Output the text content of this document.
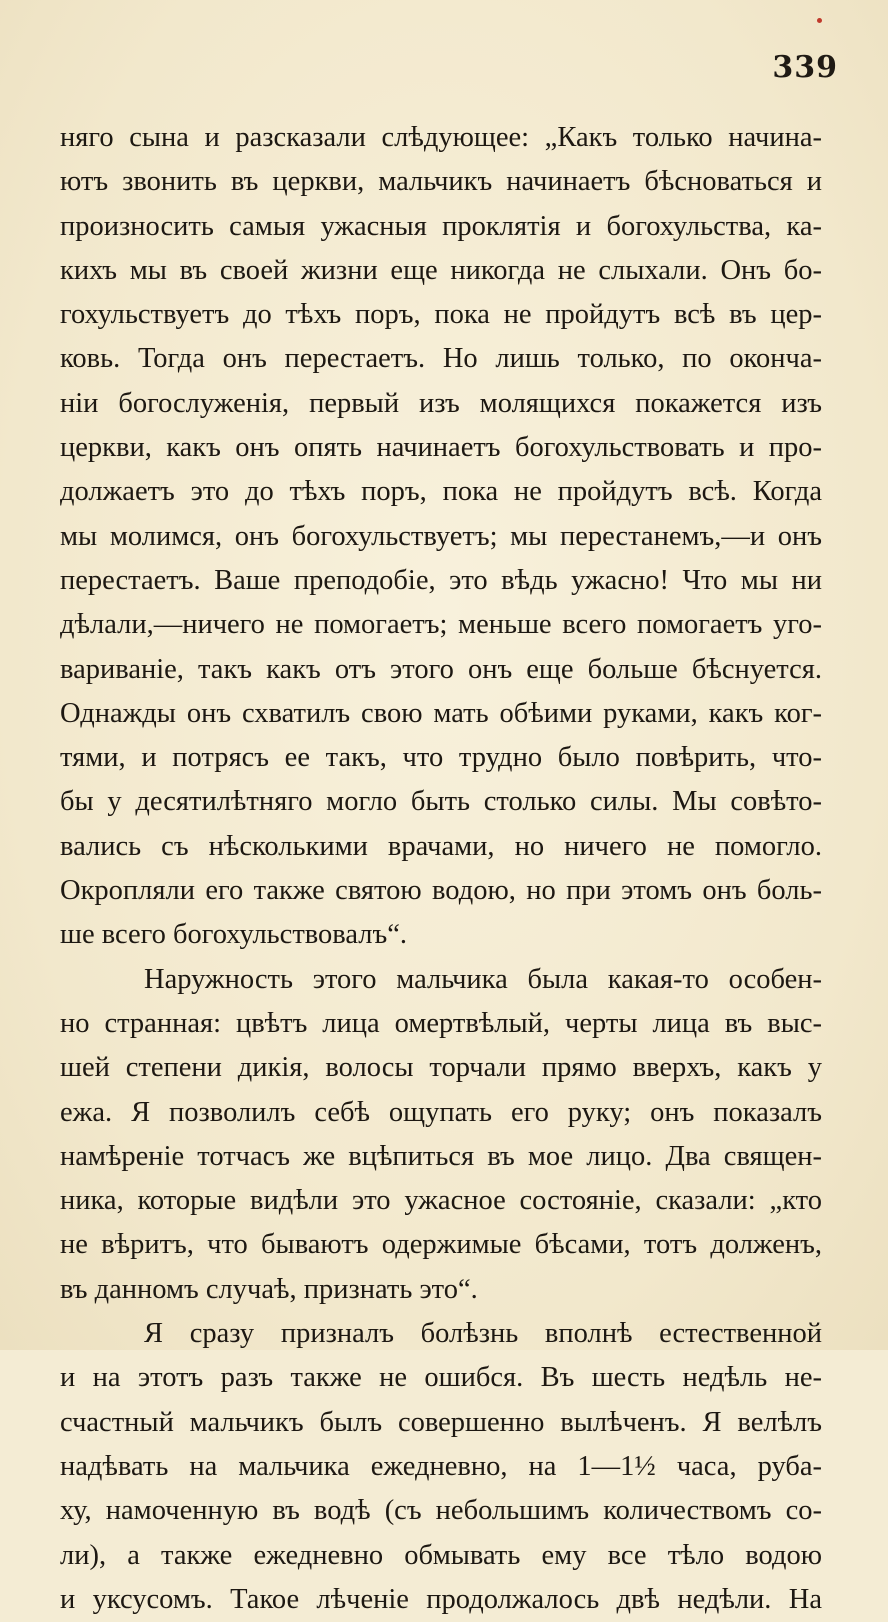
339
няго сына и разсказали слѣдующее: „Какъ только начина-
ютъ звонить въ церкви, мальчикъ начинаетъ бѣсноваться и
произносить самыя ужасныя проклятія и богохульства, ка-
кихъ мы въ своей жизни еще никогда не слыхали. Онъ бо-
гохульствуетъ до тѣхъ поръ, пока не пройдутъ всѣ въ цер-
ковь. Тогда онъ перестаетъ. Но лишь только, по оконча-
ніи богослуженія, первый изъ молящихся покажется изъ
церкви, какъ онъ опять начинаетъ богохульствовать и про-
должаетъ это до тѣхъ поръ, пока не пройдутъ всѣ. Когда
мы молимся, онъ богохульствуетъ; мы перестанемъ,—и онъ
перестаетъ. Ваше преподобіе, это вѣдь ужасно! Что мы ни
дѣлали,—ничего не помогаетъ; меньше всего помогаетъ уго-
вариваніе, такъ какъ отъ этого онъ еще больше бѣснуется.
Однажды онъ схватилъ свою мать обѣими руками, какъ ког-
тями, и потрясъ ее такъ, что трудно было повѣрить, что-
бы у десятилѣтняго могло быть столько силы. Мы совѣто-
вались съ нѣсколькими врачами, но ничего не помогло.
Окропляли его также святою водою, но при этомъ онъ боль-
ше всего богохульствовалъ“.
Наружность этого мальчика была какая-то особен-
но странная: цвѣтъ лица омертвѣлый, черты лица въ выс-
шей степени дикія, волосы торчали прямо вверхъ, какъ у
ежа. Я позволилъ себѣ ощупать его руку; онъ показалъ
намѣреніе тотчасъ же вцѣпиться въ мое лицо. Два священ-
ника, которые видѣли это ужасное состояніе, сказали: „кто
не вѣритъ, что бываютъ одержимые бѣсами, тотъ долженъ,
въ данномъ случаѣ, признать это“.
Я сразу призналъ болѣзнь вполнѣ естественной
и на этотъ разъ также не ошибся. Въ шесть недѣль не-
счастный мальчикъ былъ совершенно вылѣченъ. Я велѣлъ
надѣвать на мальчика ежедневно, на 1—1½ часа, руба-
ху, намоченную въ водѣ (съ небольшимъ количествомъ со-
ли), а также ежедневно обмывать ему все тѣло водою
и уксусомъ. Такое лѣченіе продолжалось двѣ недѣли. На
